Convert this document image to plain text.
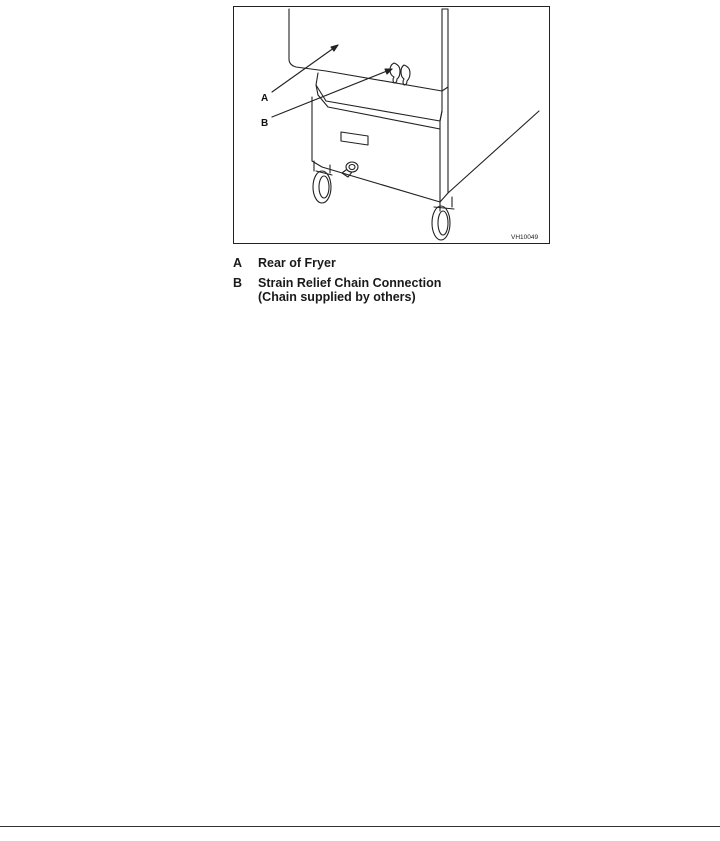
A
B
VH10049
A	Rear of Fryer
B	Strain Relief Chain Connection
(Chain supplied by others)
